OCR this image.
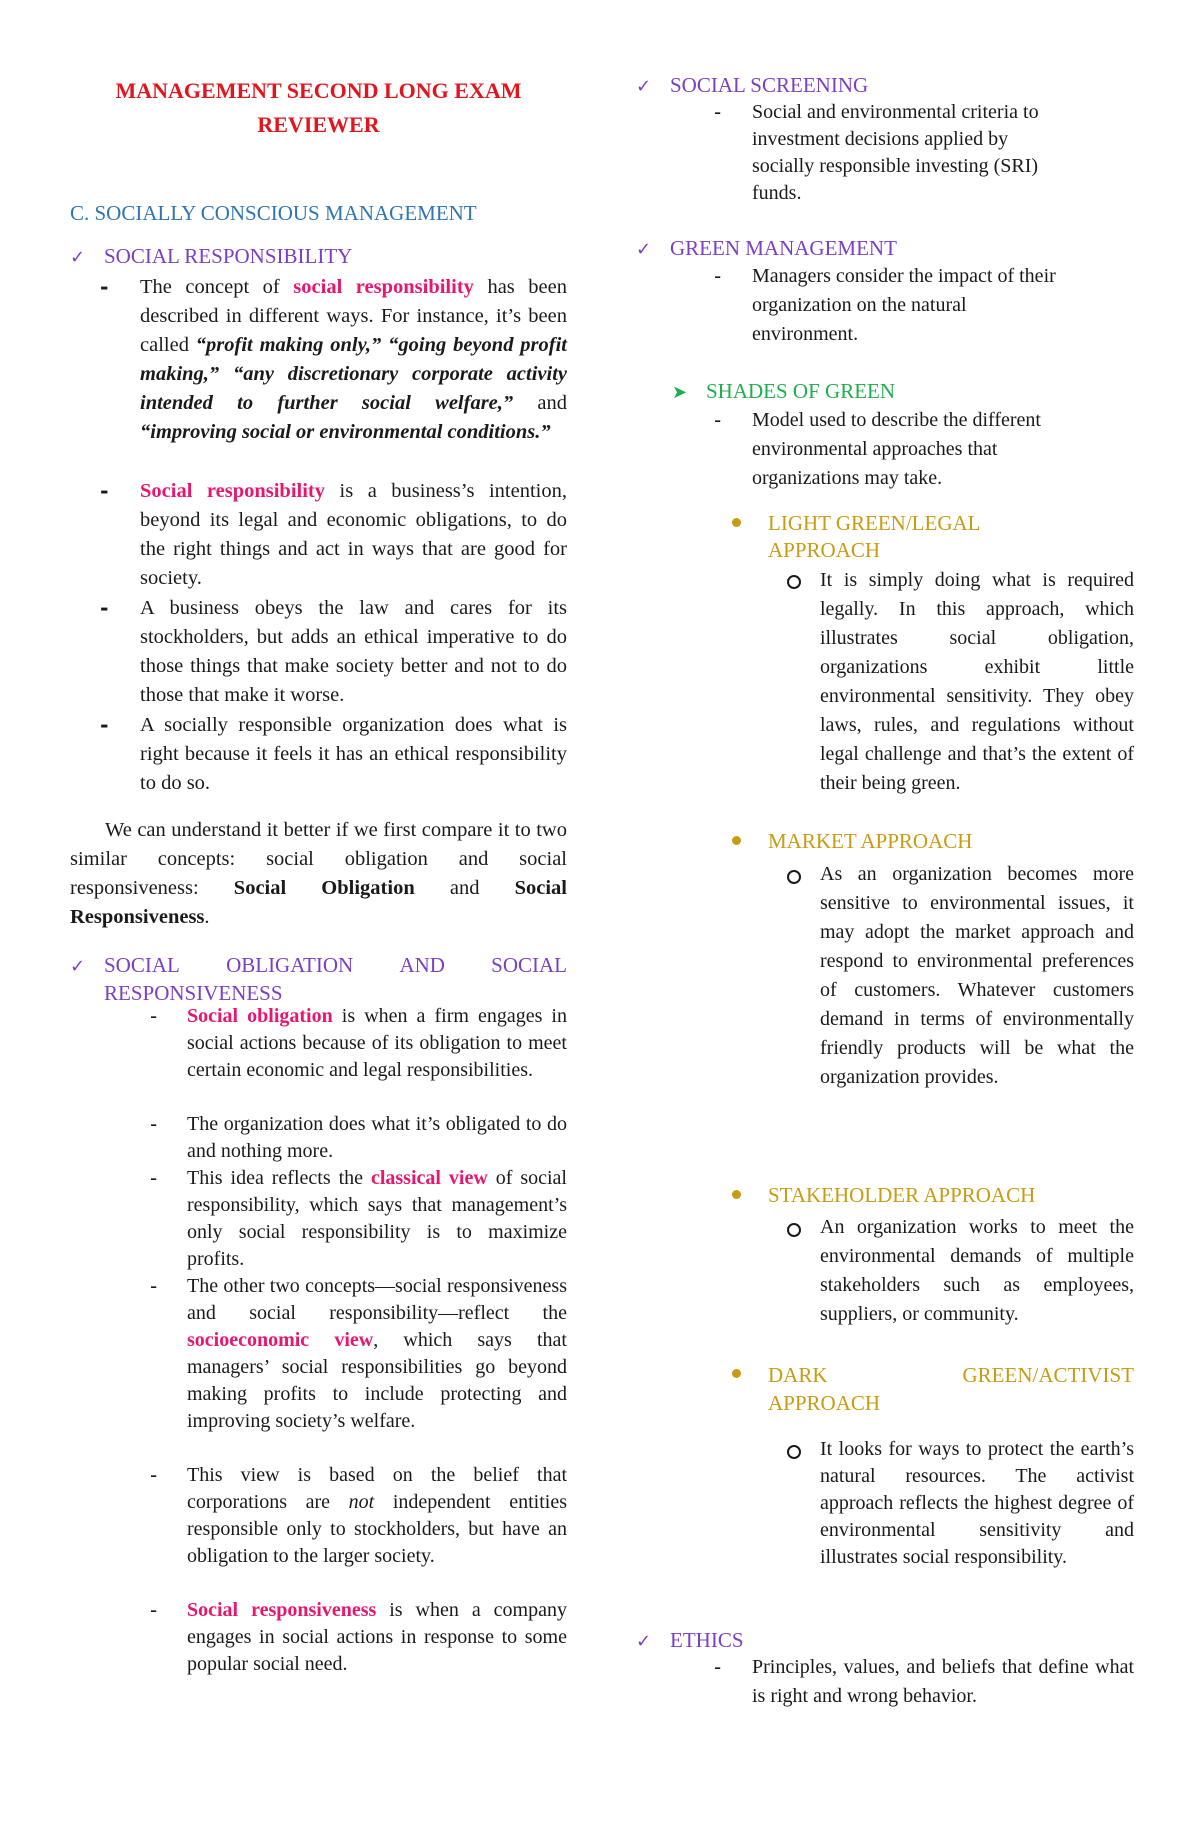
MANAGEMENT SECOND LONG EXAM
REVIEWER
C. SOCIALLY CONSCIOUS MANAGEMENT
✓ SOCIAL RESPONSIBILITY
- The concept of social responsibility has been described in different ways. For instance, it’s been called “profit making only,” “going beyond profit making,” “any discretionary corporate activity intended to further social welfare,” and “improving social or environmental conditions.”
- Social responsibility is a business’s intention, beyond its legal and economic obligations, to do the right things and act in ways that are good for society.
- A business obeys the law and cares for its stockholders, but adds an ethical imperative to do those things that make society better and not to do those that make it worse.
- A socially responsible organization does what is right because it feels it has an ethical responsibility to do so.
We can understand it better if we first compare it to two similar concepts: social obligation and social responsiveness: Social Obligation and Social Responsiveness.
✓ SOCIAL OBLIGATION AND SOCIAL
RESPONSIVENESS
- Social obligation is when a firm engages in social actions because of its obligation to meet certain economic and legal responsibilities.
- The organization does what it’s obligated to do and nothing more.
- This idea reflects the classical view of social responsibility, which says that management’s only social responsibility is to maximize profits.
- The other two concepts—social responsiveness and social responsibility—reflect the socioeconomic view, which says that managers’ social responsibilities go beyond making profits to include protecting and improving society’s welfare.
- This view is based on the belief that corporations are not independent entities responsible only to stockholders, but have an obligation to the larger society.
- Social responsiveness is when a company engages in social actions in response to some popular social need.
✓ SOCIAL SCREENING
- Social and environmental criteria to investment decisions applied by socially responsible investing (SRI) funds.
✓ GREEN MANAGEMENT
- Managers consider the impact of their organization on the natural environment.
➤ SHADES OF GREEN
- Model used to describe the different environmental approaches that organizations may take.
LIGHT GREEN/LEGAL
APPROACH
It is simply doing what is required legally. In this approach, which illustrates social obligation, organizations exhibit little environmental sensitivity. They obey laws, rules, and regulations without legal challenge and that’s the extent of their being green.
MARKET APPROACH
As an organization becomes more sensitive to environmental issues, it may adopt the market approach and respond to environmental preferences of customers. Whatever customers demand in terms of environmentally friendly products will be what the organization provides.
STAKEHOLDER APPROACH
An organization works to meet the environmental demands of multiple stakeholders such as employees, suppliers, or community.
DARK	GREEN/ACTIVIST
APPROACH
It looks for ways to protect the earth’s natural resources. The activist approach reflects the highest degree of environmental sensitivity and illustrates social responsibility.
✓ ETHICS
- Principles, values, and beliefs that define what is right and wrong behavior.
